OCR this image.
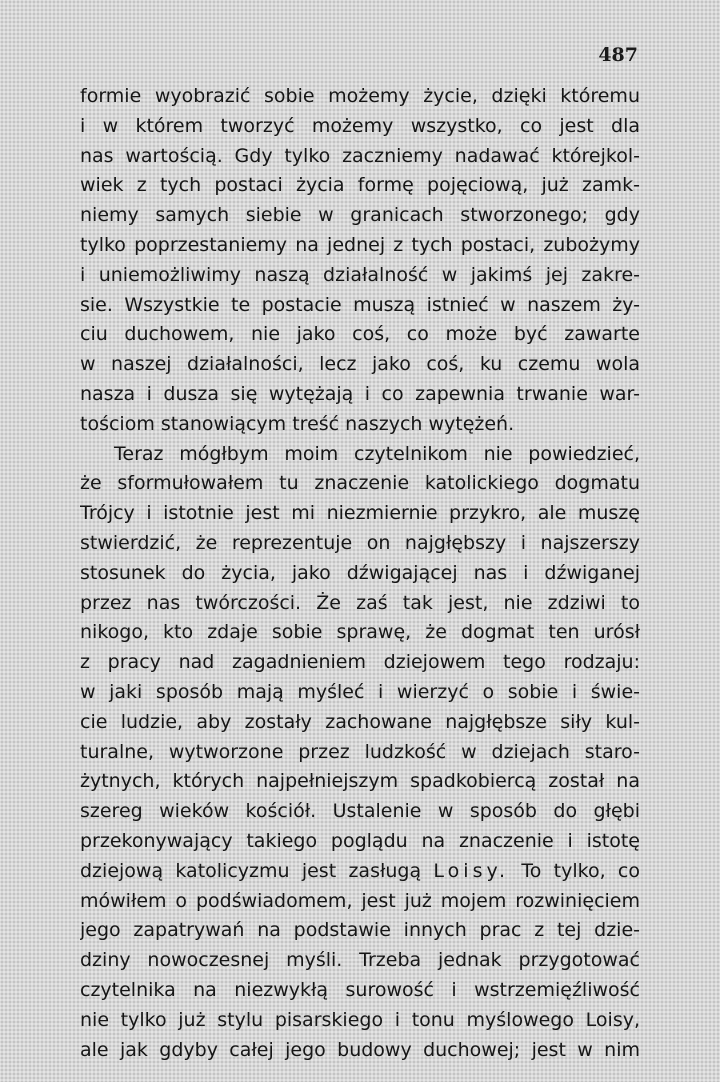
487
formie wyobrazić sobie możemy życie, dzięki któremu
i w którem tworzyć możemy wszystko, co jest dla
nas wartością. Gdy tylko zaczniemy nadawać którejkol-
wiek z tych postaci życia formę pojęciową, już zamk-
niemy samych siebie w granicach stworzonego; gdy
tylko poprzestaniemy na jednej z tych postaci, zubożymy
i uniemożliwimy naszą działalność w jakimś jej zakre-
sie. Wszystkie te postacie muszą istnieć w naszem ży-
ciu duchowem, nie jako coś, co może być zawarte
w naszej działalności, lecz jako coś, ku czemu wola
nasza i dusza się wytężają i co zapewnia trwanie war-
tościom stanowiącym treść naszych wytężeń.
Teraz mógłbym moim czytelnikom nie powiedzieć,
że sformułowałem tu znaczenie katolickiego dogmatu
Trójcy i istotnie jest mi niezmiernie przykro, ale muszę
stwierdzić, że reprezentuje on najgłębszy i najszerszy
stosunek do życia, jako dźwigającej nas i dźwiganej
przez nas twórczości. Że zaś tak jest, nie zdziwi to
nikogo, kto zdaje sobie sprawę, że dogmat ten urósł
z pracy nad zagadnieniem dziejowem tego rodzaju:
w jaki sposób mają myśleć i wierzyć o sobie i świe-
cie ludzie, aby zostały zachowane najgłębsze siły kul-
turalne, wytworzone przez ludzkość w dziejach staro-
żytnych, których najpełniejszym spadkobiercą został na
szereg wieków kościół. Ustalenie w sposób do głębi
przekonywający takiego poglądu na znaczenie i istotę
dziejową katolicyzmu jest zasługą Loisy. To tylko, co
mówiłem o podświadomem, jest już mojem rozwinięciem
jego zapatrywań na podstawie innych prac z tej dzie-
dziny nowoczesnej myśli. Trzeba jednak przygotować
czytelnika na niezwykłą surowość i wstrzemięźliwość
nie tylko już stylu pisarskiego i tonu myślowego Loisy,
ale jak gdyby całej jego budowy duchowej; jest w nim
